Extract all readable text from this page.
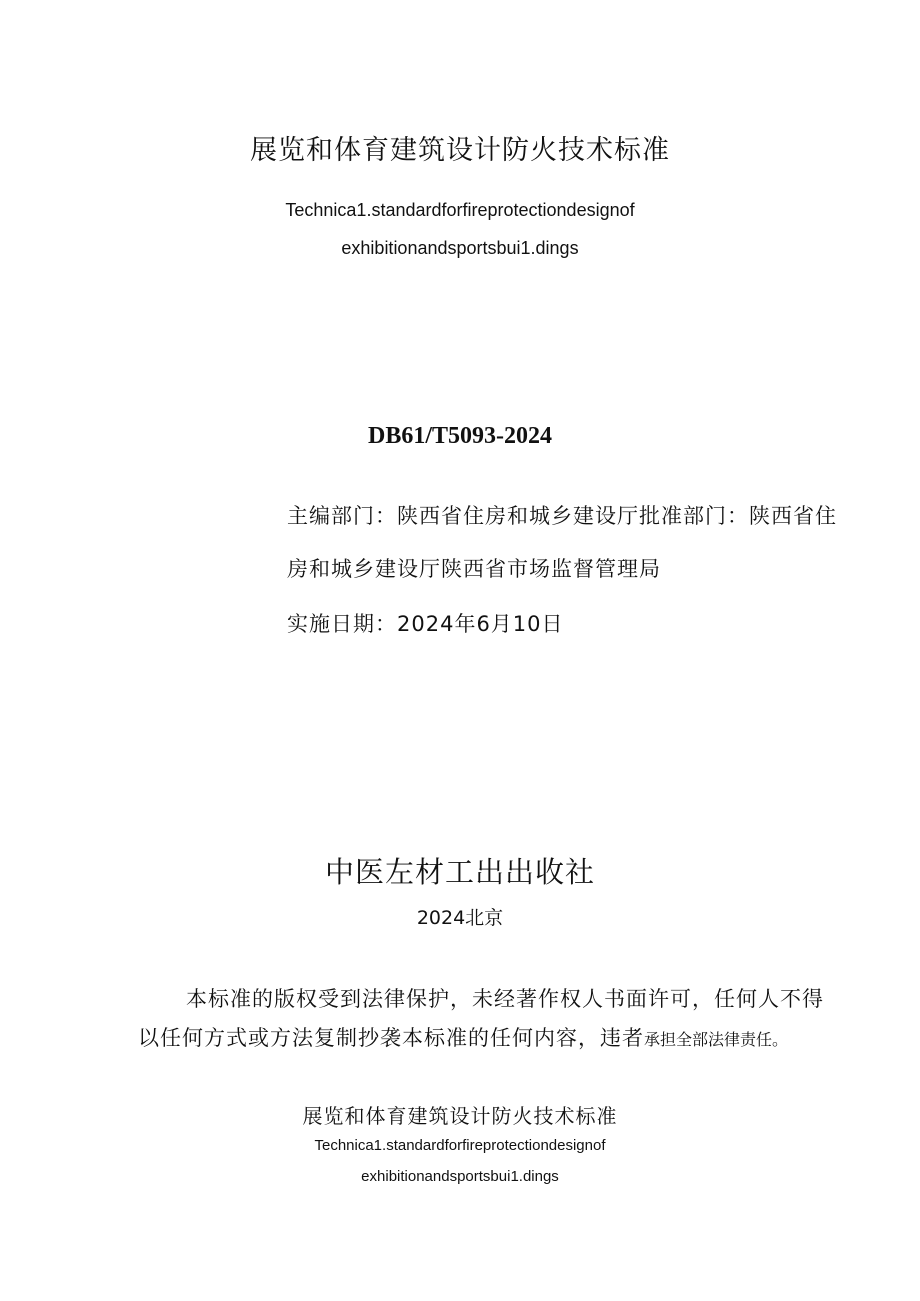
展览和体育建筑设计防火技术标准
Technica1.standardforfireprotectiondesignof
exhibitionandsportsbui1.dings
DB61/T5093-2024
主编部门：陕西省住房和城乡建设厅批准部门：陕西省住
房和城乡建设厅陕西省市场监督管理局
实施日期：2024年6月10日
中医左材工出出收社
2024北京
本标准的版权受到法律保护，未经著作权人书面许可，任何人不得
以任何方式或方法复制抄袭本标准的任何内容，违者承担全部法律责任。
展览和体育建筑设计防火技术标准
Technica1.standardforfireprotectiondesignof
exhibitionandsportsbui1.dings
